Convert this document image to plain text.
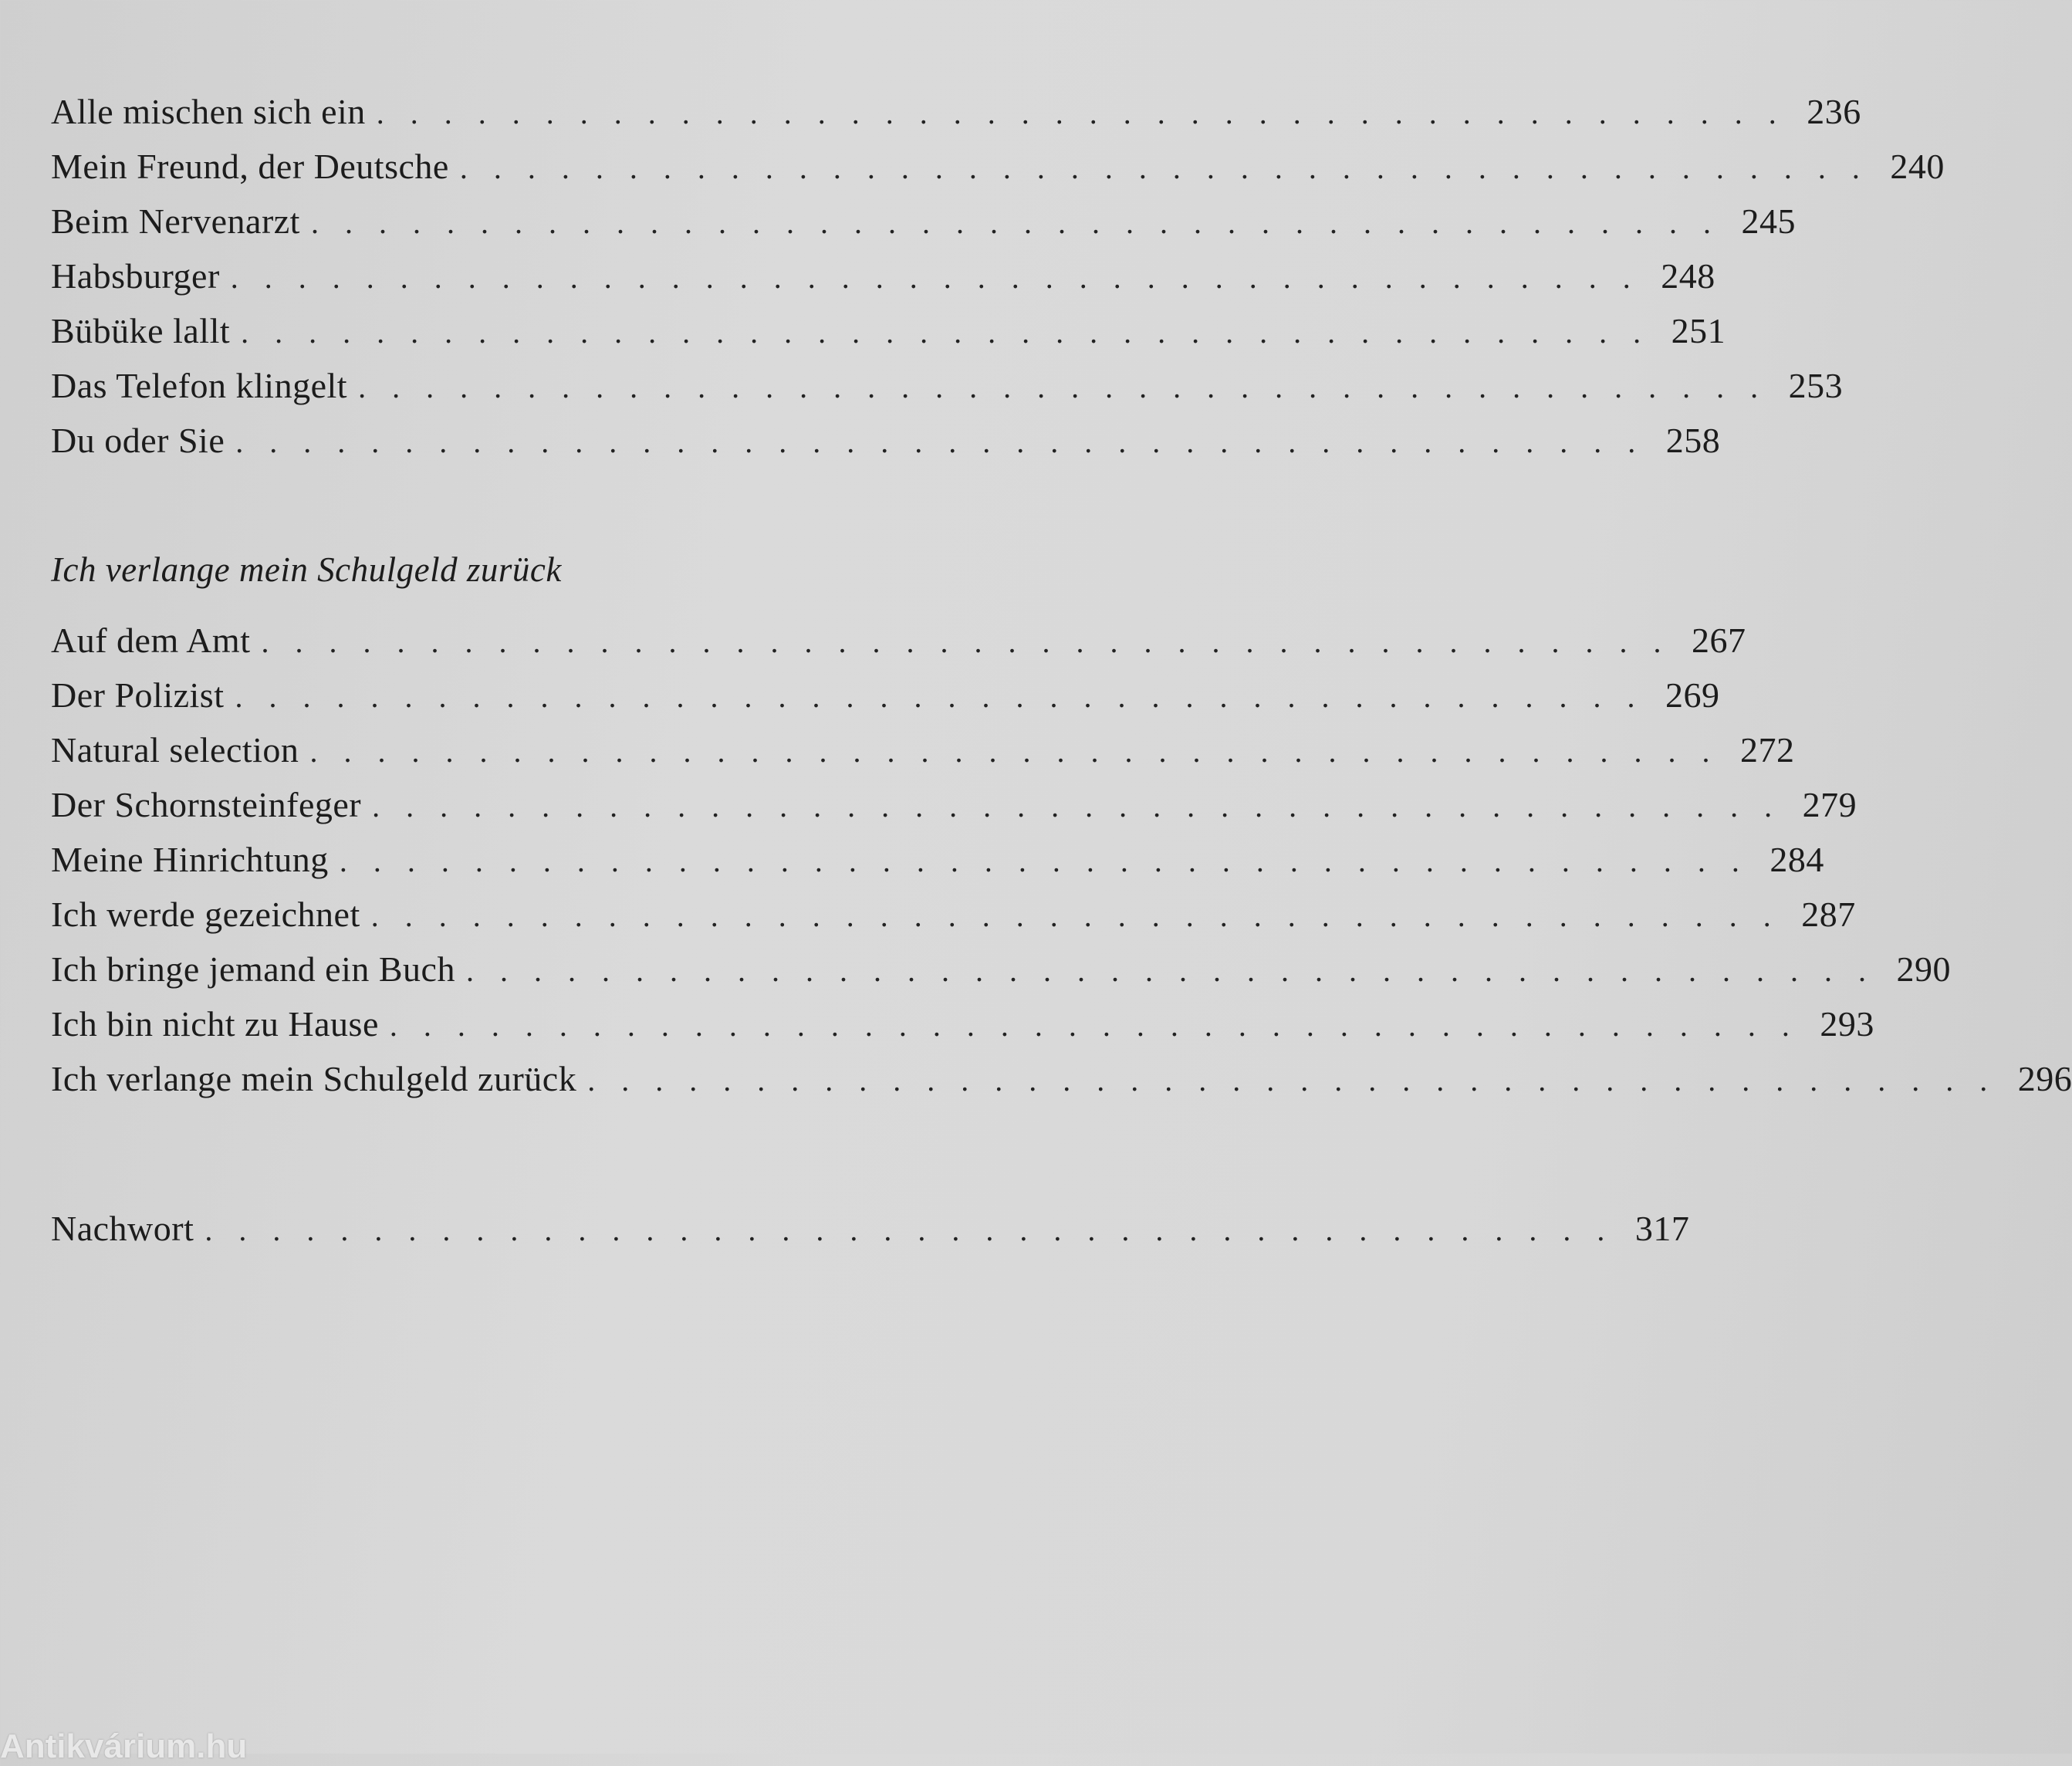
Alle mischen sich ein . . . . . . . . . . . . . . . . . . . . . . . . . . . . . . . . . . . . . . . . . . 236
Mein Freund, der Deutsche . . . . . . . . . . . . . . . . . . . . . . . . . . . . . . . . . . . . . . . . . . 240
Beim Nervenarzt . . . . . . . . . . . . . . . . . . . . . . . . . . . . . . . . . . . . . . . . . . 245
Habsburger . . . . . . . . . . . . . . . . . . . . . . . . . . . . . . . . . . . . . . . . . . 248
Bübüke lallt . . . . . . . . . . . . . . . . . . . . . . . . . . . . . . . . . . . . . . . . . . 251
Das Telefon klingelt . . . . . . . . . . . . . . . . . . . . . . . . . . . . . . . . . . . . . . . . . . 253
Du oder Sie . . . . . . . . . . . . . . . . . . . . . . . . . . . . . . . . . . . . . . . . . . 258
Ich verlange mein Schulgeld zurück
Auf dem Amt . . . . . . . . . . . . . . . . . . . . . . . . . . . . . . . . . . . . . . . . . . 267
Der Polizist . . . . . . . . . . . . . . . . . . . . . . . . . . . . . . . . . . . . . . . . . . 269
Natural selection . . . . . . . . . . . . . . . . . . . . . . . . . . . . . . . . . . . . . . . . . . 272
Der Schornsteinfeger . . . . . . . . . . . . . . . . . . . . . . . . . . . . . . . . . . . . . . . . . . 279
Meine Hinrichtung . . . . . . . . . . . . . . . . . . . . . . . . . . . . . . . . . . . . . . . . . . 284
Ich werde gezeichnet . . . . . . . . . . . . . . . . . . . . . . . . . . . . . . . . . . . . . . . . . . 287
Ich bringe jemand ein Buch . . . . . . . . . . . . . . . . . . . . . . . . . . . . . . . . . . . . . . . . . . 290
Ich bin nicht zu Hause . . . . . . . . . . . . . . . . . . . . . . . . . . . . . . . . . . . . . . . . . . 293
Ich verlange mein Schulgeld zurück . . . . . . . . . . . . . . . . . . . . . . . . . . . . . . . . . . . . . . . . . . 296
Nachwort . . . . . . . . . . . . . . . . . . . . . . . . . . . . . . . . . . . . . . . . . . 317
Antikvárium.hu
